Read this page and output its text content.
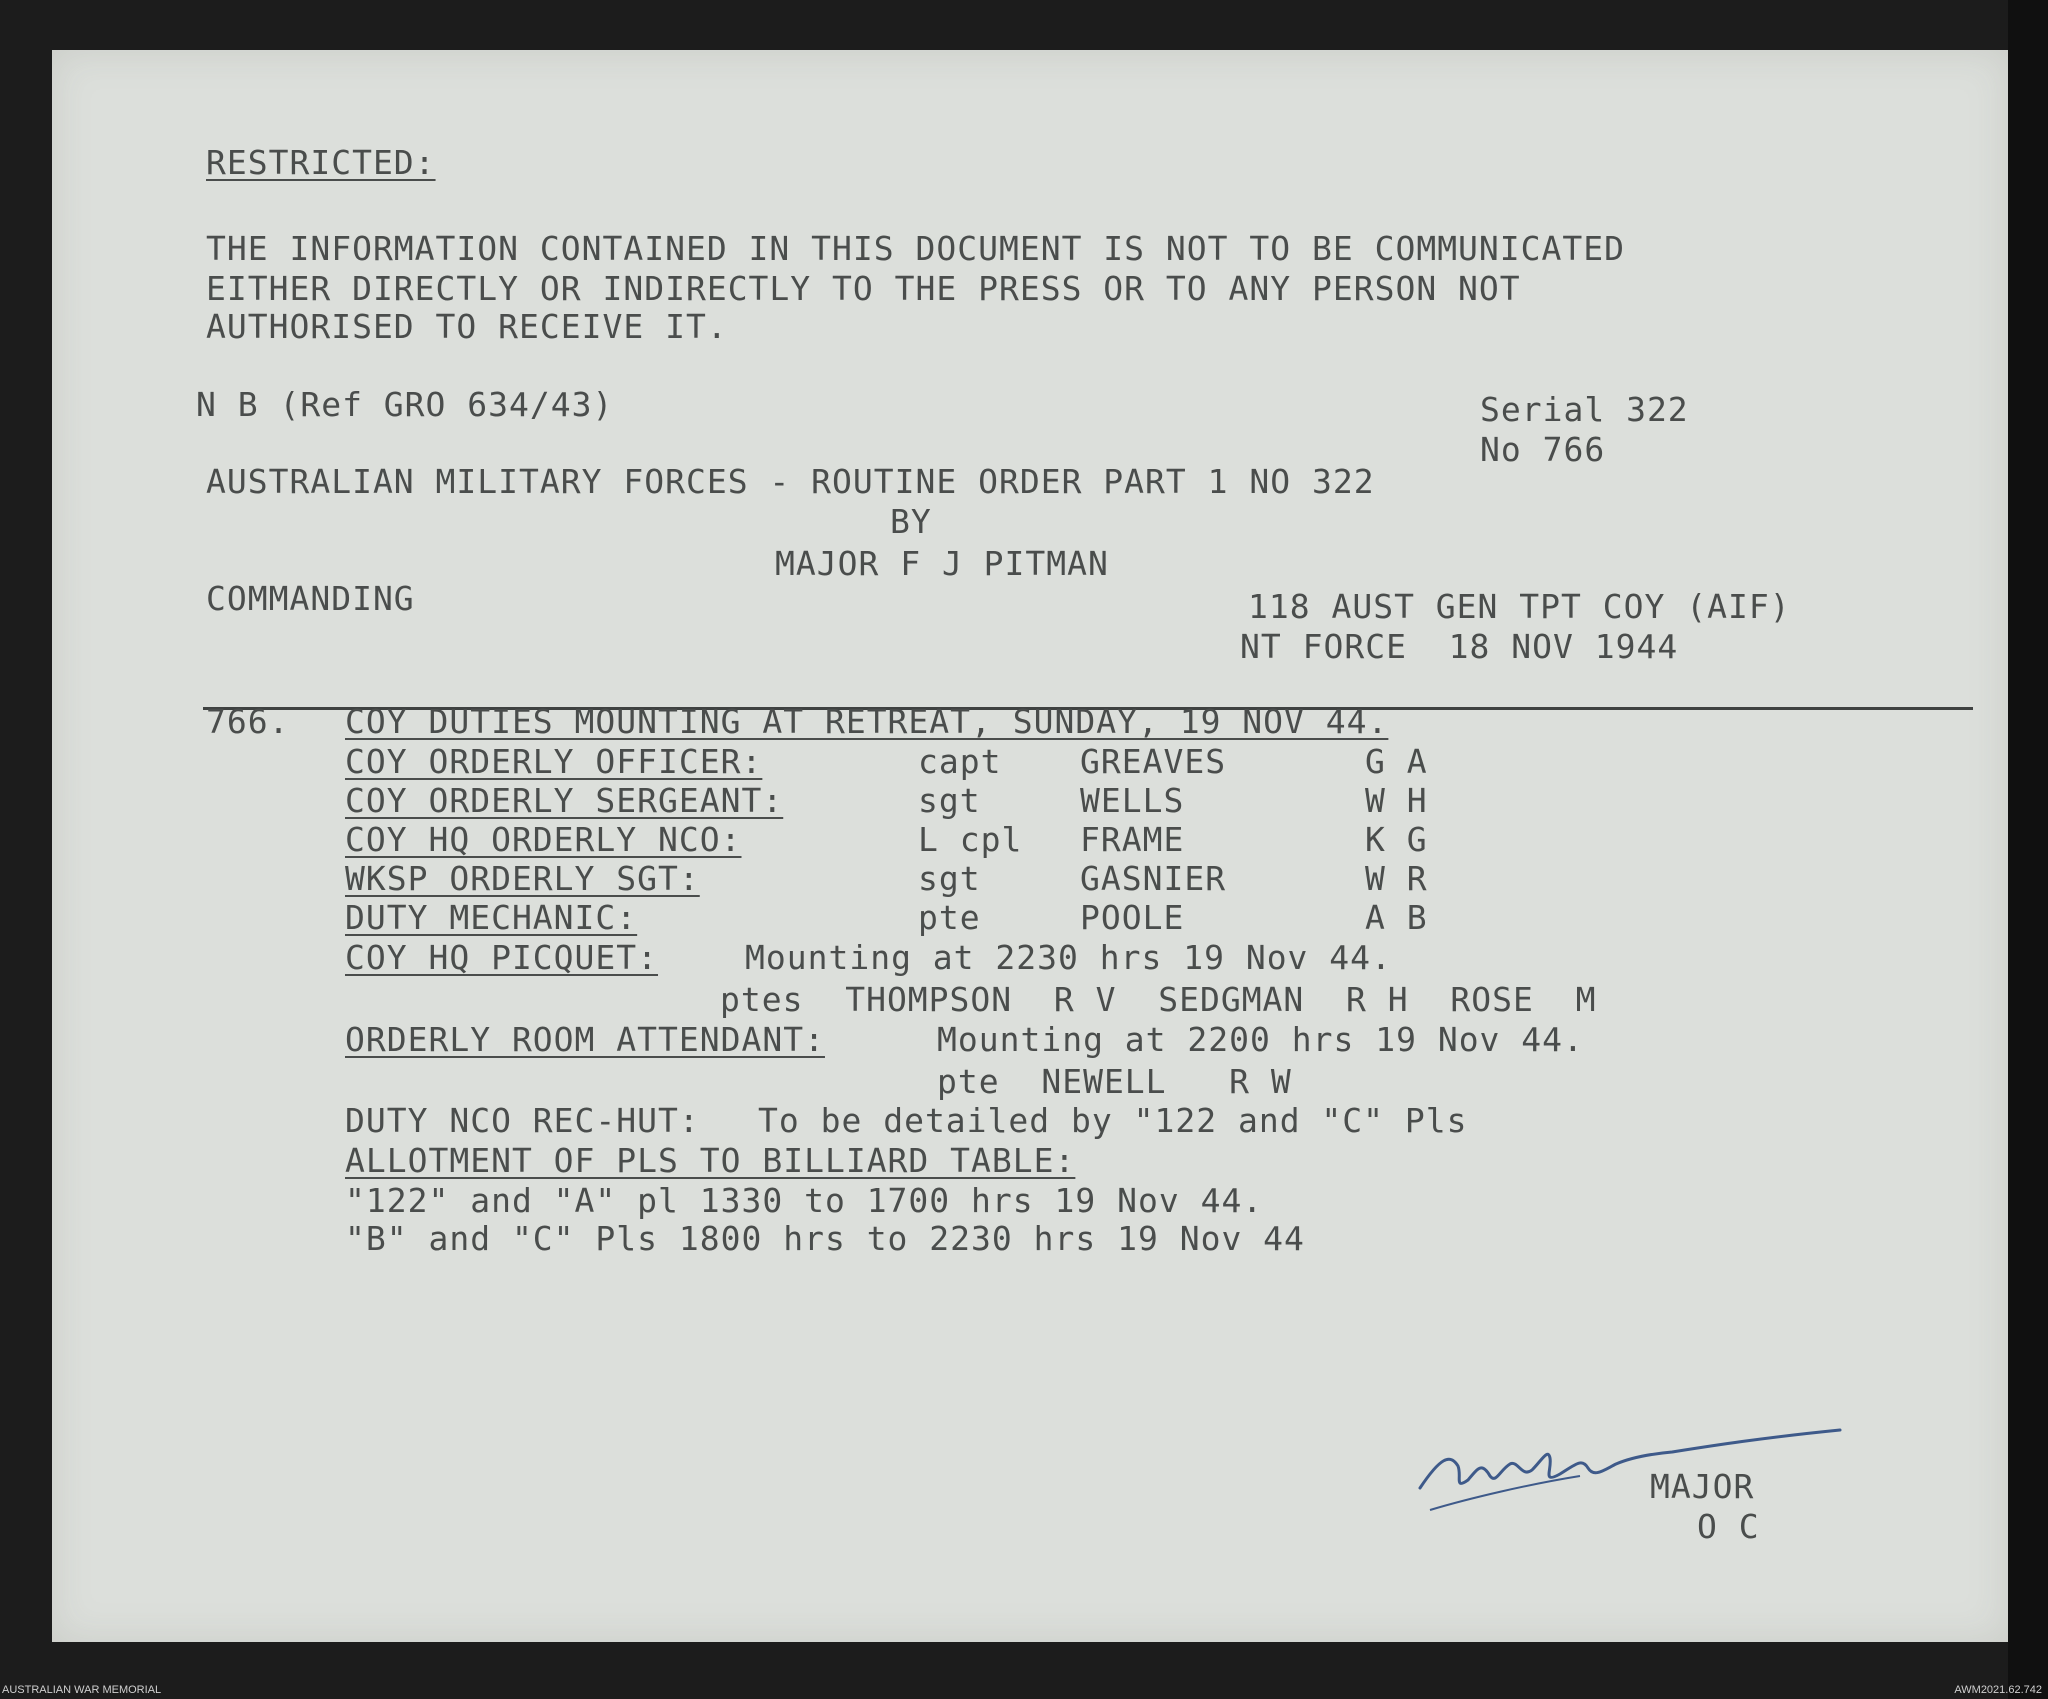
RESTRICTED:
THE INFORMATION CONTAINED IN THIS DOCUMENT IS NOT TO BE COMMUNICATED
EITHER DIRECTLY OR INDIRECTLY TO THE PRESS OR TO ANY PERSON NOT
AUTHORISED TO RECEIVE IT.
N B (Ref GRO 634/43)	Serial 322
No 766
AUSTRALIAN MILITARY FORCES - ROUTINE ORDER PART 1 NO 322
BY
MAJOR F J PITMAN
COMMANDING	118 AUST GEN TPT COY (AIF)
NT FORCE  18 NOV 1944
766. COY DUTIES MOUNTING AT RETREAT, SUNDAY, 19 NOV 44.
COY ORDERLY OFFICER:	capt GREAVES	G A
COY ORDERLY SERGEANT:	sgt	WELLS	W H
COY HQ ORDERLY NCO:	L cpl FRAME	K G
WKSP ORDERLY SGT:	sgt	GASNIER	W R
DUTY MECHANIC:	pte	POOLE	A B
COY HQ PICQUET:	Mounting at 2230 hrs 19 Nov 44.
ptes  THOMPSON  R V  SEDGMAN  R H  ROSE  M
ORDERLY ROOM ATTENDANT:	Mounting at 2200 hrs 19 Nov 44.
pte  NEWELL   R W
DUTY NCO REC-HUT: To be detailed by "122 and "C" Pls
ALLOTMENT OF PLS TO BILLIARD TABLE:
"122" and "A" pl 1330 to 1700 hrs 19 Nov 44.
"B" and "C" Pls 1800 hrs to 2230 hrs 19 Nov 44
MAJOR
O C
AUSTRALIAN WAR MEMORIAL	AWM2021.62.742
